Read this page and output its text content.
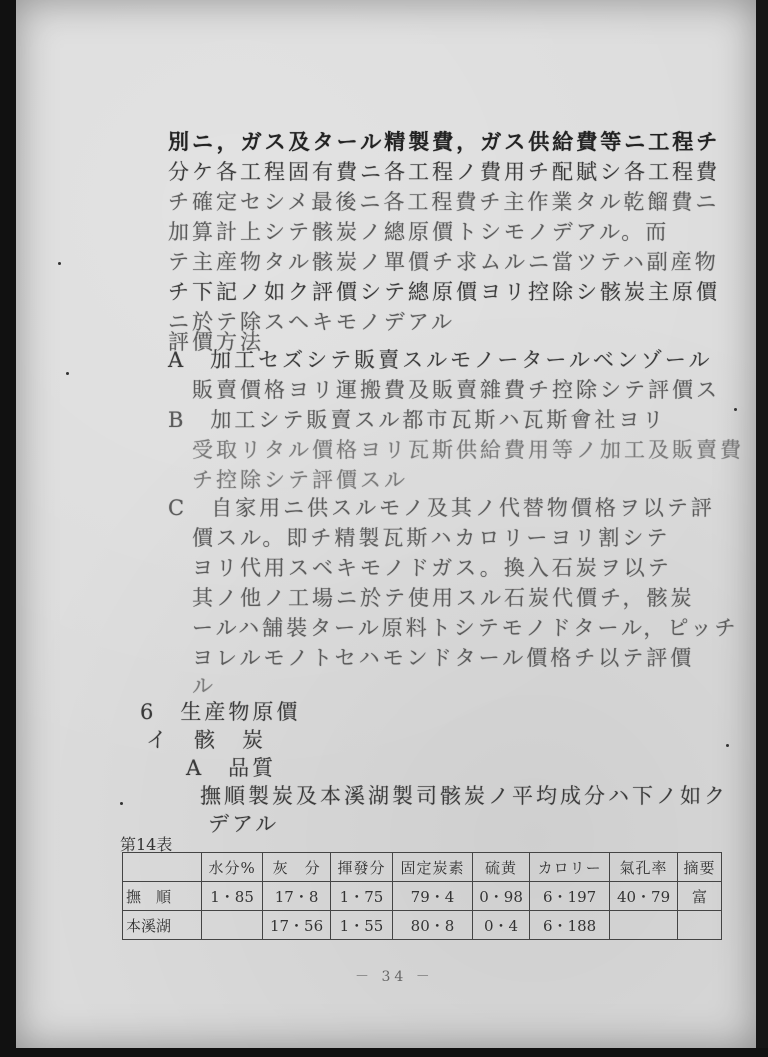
別ニ，ガス及タール精製費，ガス供給費等ニ工程チ
分ケ各工程固有費ニ各工程ノ費用チ配賦シ各工程費
チ確定セシメ最後ニ各工程費チ主作業タル乾餾費ニ
加算計上シテ骸炭ノ總原價トシモノデアル。而
テ主産物タル骸炭ノ單價チ求ムルニ當ツテハ副産物
チ下記ノ如ク評價シテ總原價ヨリ控除シ骸炭主原價
ニ於テ除スヘキモノデアル
評價方法
A　加工セズシテ販賣スルモノータールベンゾール
　販賣價格ヨリ運搬費及販賣雜費チ控除シテ評價ス
B　加工シテ販賣スル都市瓦斯ハ瓦斯會社ヨリ
　受取リタル價格ヨリ瓦斯供給費用等ノ加工及販賣費
　チ控除シテ評價スル
C　自家用ニ供スルモノ及其ノ代替物價格ヲ以テ評
　價スル。即チ精製瓦斯ハカロリーヨリ割シテ
　ヨリ代用スベキモノドガス。換入石炭ヲ以テ
　其ノ他ノ工場ニ於テ使用スル石炭代價チ，骸炭
　ールハ舗裝タール原料トシテモノドタール，ピッチ
　ヨレルモノトセハモンドタール價格チ以テ評價
　ル
6　生産物原價
イ　骸　炭
A　品質
撫順製炭及本溪湖製司骸炭ノ平均成分ハ下ノ如ク
デアル
第14表
	水分%	灰　分	揮發分	固定炭素	硫黄	カロリー	氣孔率	摘要
撫　順	1・85	17・8	1・75	79・4	0・98	6・197	40・79	富
本溪湖		17・56	1・55	80・8	0・4	6・188		
－ 34 －
